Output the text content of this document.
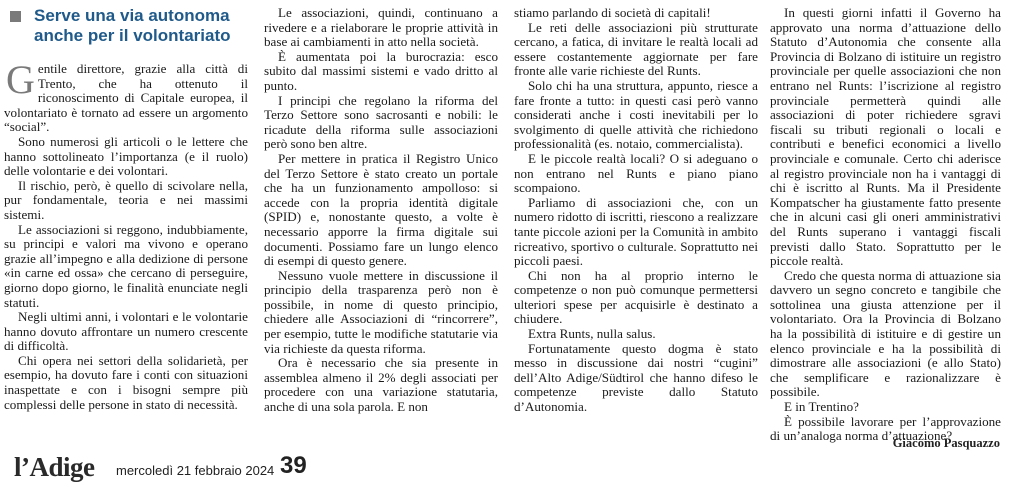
Serve una via autonoma anche per il volontariato

Gentile direttore, grazie alla città di Trento, che ha ottenuto il riconoscimento di Capitale europea, il volontariato è tornato ad essere un argomento “social”.

Sono numerosi gli articoli o le lettere che hanno sottolineato l’importanza (e il ruolo) delle volontarie e dei volontari.

Il rischio, però, è quello di scivolare nella, pur fondamentale, teoria e nei massimi sistemi.

Le associazioni si reggono, indubbiamente, su principi e valori ma vivono e operano grazie all’impegno e alla dedizione di persone «in carne ed ossa» che cercano di perseguire, giorno dopo giorno, le finalità enunciate negli statuti.

Negli ultimi anni, i volontari e le volontarie hanno dovuto affrontare un numero crescente di difficoltà.

Chi opera nei settori della solidarietà, per esempio, ha dovuto fare i conti con situazioni inaspettate e con i bisogni sempre più complessi delle persone in stato di necessità.

Le associazioni, quindi, continuano a rivedere e a rielaborare le proprie attività in base ai cambiamenti in atto nella società.

È aumentata poi la burocrazia: esco subito dal massimi sistemi e vado dritto al punto.

I principi che regolano la riforma del Terzo Settore sono sacrosanti e nobili: le ricadute della riforma sulle associazioni però sono ben altre.

Per mettere in pratica il Registro Unico del Terzo Settore è stato creato un portale che ha un funzionamento ampolloso: si accede con la propria identità digitale (SPID) e, nonostante questo, a volte è necessario apporre la firma digitale sui documenti. Possiamo fare un lungo elenco di esempi di questo genere.

Nessuno vuole mettere in discussione il principio della trasparenza però non è possibile, in nome di questo principio, chiedere alle Associazioni di “rincorrere”, per esempio, tutte le modifiche statutarie via via richieste da questa riforma.

Ora è necessario che sia presente in assemblea almeno il 2% degli associati per procedere con una variazione statutaria, anche di una sola parola. E non

stiamo parlando di società di capitali!

Le reti delle associazioni più strutturate cercano, a fatica, di invitare le realtà locali ad essere costantemente aggiornate per fare fronte alle varie richieste del Runts.

Solo chi ha una struttura, appunto, riesce a fare fronte a tutto: in questi casi però vanno considerati anche i costi inevitabili per lo svolgimento di quelle attività che richiedono professionalità (es. notaio, commercialista).

E le piccole realtà locali? O si adeguano o non entrano nel Runts e piano piano scompaiono.

Parliamo di associazioni che, con un numero ridotto di iscritti, riescono a realizzare tante piccole azioni per la Comunità in ambito ricreativo, sportivo o culturale. Soprattutto nei piccoli paesi.

Chi non ha al proprio interno le competenze o non può comunque permettersi ulteriori spese per acquisirle è destinato a chiudere.

Extra Runts, nulla salus.

Fortunatamente questo dogma è stato messo in discussione dai nostri “cugini” dell’Alto Adige/Südtirol che hanno difeso le competenze previste dallo Statuto d’Autonomia.

In questi giorni infatti il Governo ha approvato una norma d’attuazione dello Statuto d’Autonomia che consente alla Provincia di Bolzano di istituire un registro provinciale per quelle associazioni che non entrano nel Runts: l’iscrizione al registro provinciale permetterà quindi alle associazioni di poter richiedere sgravi fiscali su tributi regionali o locali e contributi e benefici economici a livello provinciale e comunale. Certo chi aderisce al registro provinciale non ha i vantaggi di chi è iscritto al Runts. Ma il Presidente Kompatscher ha giustamente fatto presente che in alcuni casi gli oneri amministrativi del Runts superano i vantaggi fiscali previsti dallo Stato. Soprattutto per le piccole realtà.

Credo che questa norma di attuazione sia davvero un segno concreto e tangibile che sottolinea una giusta attenzione per il volontariato. Ora la Provincia di Bolzano ha la possibilità di istituire e di gestire un elenco provinciale e ha la possibilità di dimostrare alle associazioni (e allo Stato) che semplificare e razionalizzare è possibile.

E in Trentino?

È possibile lavorare per l’approvazione di un’analoga norma d’attuazione?

Giacomo Pasquazzo
l’Adige mercoledì 21 febbraio 2024 39
